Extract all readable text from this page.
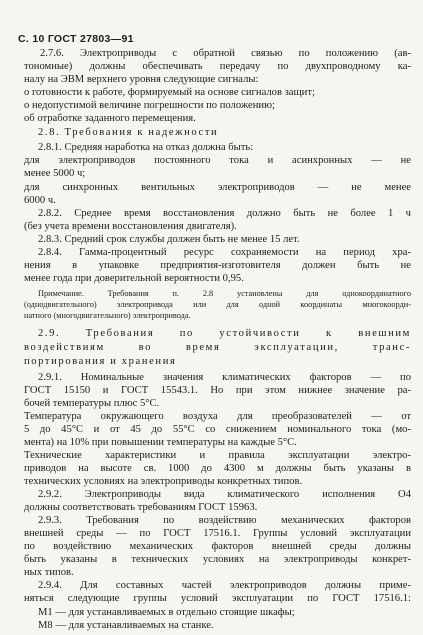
С. 10 ГОСТ 27803—91
2.7.6. Электроприводы с обратной связью по положению (ав-
тономные) должны обеспечивать передачу по двухпроводному ка-
налу на ЭВМ верхнего уровня следующие сигналы:
о готовности к работе, формируемый на основе сигналов защит;
о недопустимой величине погрешности по положению;
об отработке заданного перемещения.
2.8. Требования к надежности
2.8.1. Средняя наработка на отказ должна быть:
для электроприводов постоянного тока и асинхронных — не
менее 5000 ч;
для синхронных вентильных электроприводов — не менее
6000 ч.
2.8.2. Среднее время восстановления должно быть не более 1 ч
(без учета времени восстановления двигателя).
2.8.3. Средний срок службы должен быть не менее 15 лет.
2.8.4. Гамма-процентный ресурс сохраняемости на период хра-
нения в упаковке предприятия-изготовителя должен быть не
менее года при доверительной вероятности 0,95.
Примечание. Требования п. 2.8 установлены для однокоординатного
(однодвигательного) электропривода или для одной координаты многокоорди-
натного (многодвигательного) электропривода.
2.9. Требования по устойчивости к внешним
воздействиям во время эксплуатации, транс-
портирования и хранения
2.9.1. Номинальные значения климатических факторов — по
ГОСТ 15150 и ГОСТ 15543.1. Но при этом нижнее значение ра-
бочей температуры плюс 5°С.
Температура окружающего воздуха для преобразователей — от
5 до 45°С и от 45 до 55°С со снижением номинального тока (мо-
мента) на 10% при повышении температуры на каждые 5°С.
Технические характеристики и правила эксплуатации электро-
приводов на высоте св. 1000 до 4300 м должны быть указаны в
технических условиях на электроприводы конкретных типов.
2.9.2. Электроприводы вида климатического исполнения О4
должны соответствовать требованиям ГОСТ 15963.
2.9.3. Требования по воздействию механических факторов
внешней среды — по ГОСТ 17516.1. Группы условий эксплуатации
по воздействию механических факторов внешней среды должны
быть указаны в технических условиях на электроприводы конкрет-
ных типов.
2.9.4. Для составных частей электроприводов должны приме-
няться следующие группы условий эксплуатации по ГОСТ 17516.1:
М1 — для устанавливаемых в отдельно стоящие шкафы;
М8 — для устанавливаемых на станке.
